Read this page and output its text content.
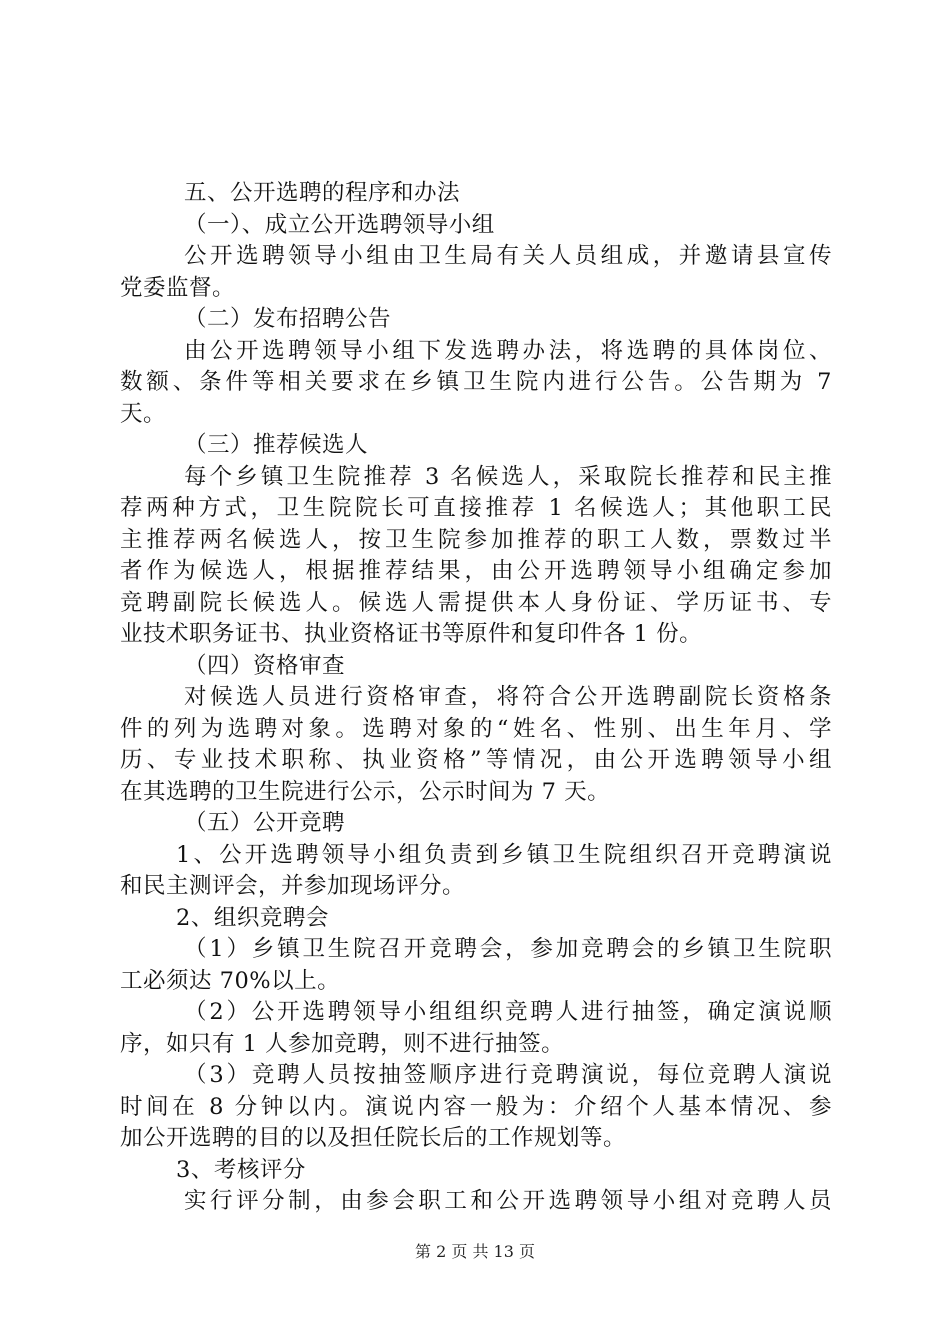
五、公开选聘的程序和办法
（一）、成立公开选聘领导小组
公开选聘领导小组由卫生局有关人员组成，并邀请县宣传
党委监督。
（二）发布招聘公告
由公开选聘领导小组下发选聘办法，将选聘的具体岗位、
数额、条件等相关要求在乡镇卫生院内进行公告。公告期为 7
天。
（三）推荐候选人
每个乡镇卫生院推荐 3 名候选人，采取院长推荐和民主推
荐两种方式，卫生院院长可直接推荐 1 名候选人；其他职工民
主推荐两名候选人，按卫生院参加推荐的职工人数，票数过半
者作为候选人，根据推荐结果，由公开选聘领导小组确定参加
竞聘副院长候选人。候选人需提供本人身份证、学历证书、专
业技术职务证书、执业资格证书等原件和复印件各 1 份。
（四）资格审查
对候选人员进行资格审查，将符合公开选聘副院长资格条
件的列为选聘对象。选聘对象的“姓名、性别、出生年月、学
历、专业技术职称、执业资格”等情况，由公开选聘领导小组
在其选聘的卫生院进行公示，公示时间为 7 天。
（五）公开竞聘
1、公开选聘领导小组负责到乡镇卫生院组织召开竞聘演说
和民主测评会，并参加现场评分。
2、组织竞聘会
（1）乡镇卫生院召开竞聘会，参加竞聘会的乡镇卫生院职
工必须达 70%以上。
（2）公开选聘领导小组组织竞聘人进行抽签，确定演说顺
序，如只有 1 人参加竞聘，则不进行抽签。
（3）竞聘人员按抽签顺序进行竞聘演说，每位竞聘人演说
时间在 8 分钟以内。演说内容一般为：介绍个人基本情况、参
加公开选聘的目的以及担任院长后的工作规划等。
3、考核评分
实行评分制，由参会职工和公开选聘领导小组对竞聘人员
第 2 页 共 13 页
